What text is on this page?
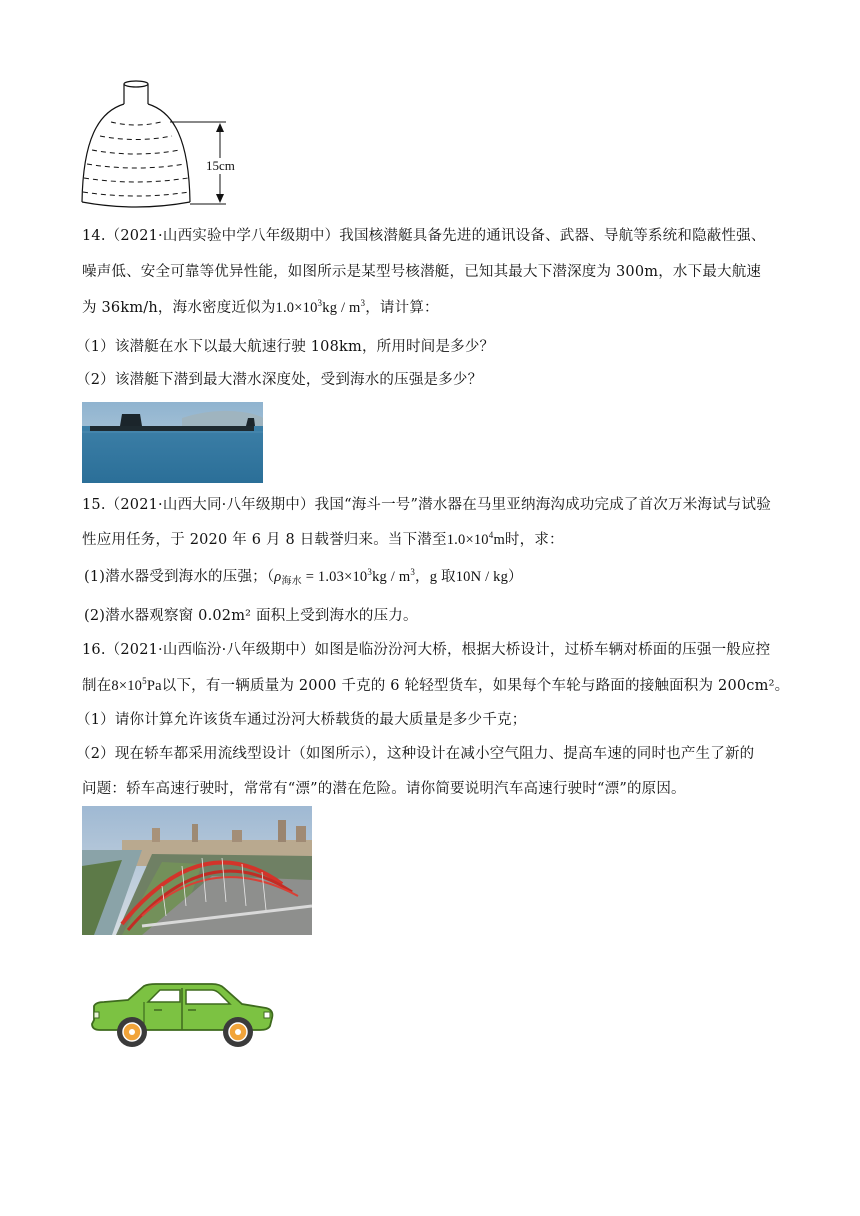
15cm
14.（2021·山西实验中学八年级期中）我国核潜艇具备先进的通讯设备、武器、导航等系统和隐蔽性强、
噪声低、安全可靠等优异性能，如图所示是某型号核潜艇，已知其最大下潜深度为 300m，水下最大航速
为 36km/h，海水密度近似为$1.0\times 10^3kg / m^3$，请计算：
（1）该潜艇在水下以最大航速行驶 108km，所用时间是多少？
（2）该潜艇下潜到最大潜水深度处，受到海水的压强是多少？
15.（2021·山西大同·八年级期中）我国“海斗一号”潜水器在马里亚纳海沟成功完成了首次万米海试与试验
性应用任务，于 2020 年 6 月 8 日载誉归来。当下潜至$1.0\times 10^4m$时，求：
(1)潜水器受到海水的压强；（$\rho_{海水} = 1.03\times 10^3kg / m^3$，g 取10N / kg）
(2)潜水器观察窗 0.02m² 面积上受到海水的压力。
16.（2021·山西临汾·八年级期中）如图是临汾汾河大桥，根据大桥设计，过桥车辆对桥面的压强一般应控
制在$8\times 10^5Pa$以下，有一辆质量为 2000 千克的 6 轮轻型货车，如果每个车轮与路面的接触面积为 200cm²。
（1）请你计算允许该货车通过汾河大桥载货的最大质量是多少千克；
（2）现在轿车都采用流线型设计（如图所示），这种设计在减小空气阻力、提高车速的同时也产生了新的
问题：轿车高速行驶时，常常有“漂”的潜在危险。请你简要说明汽车高速行驶时“漂”的原因。
